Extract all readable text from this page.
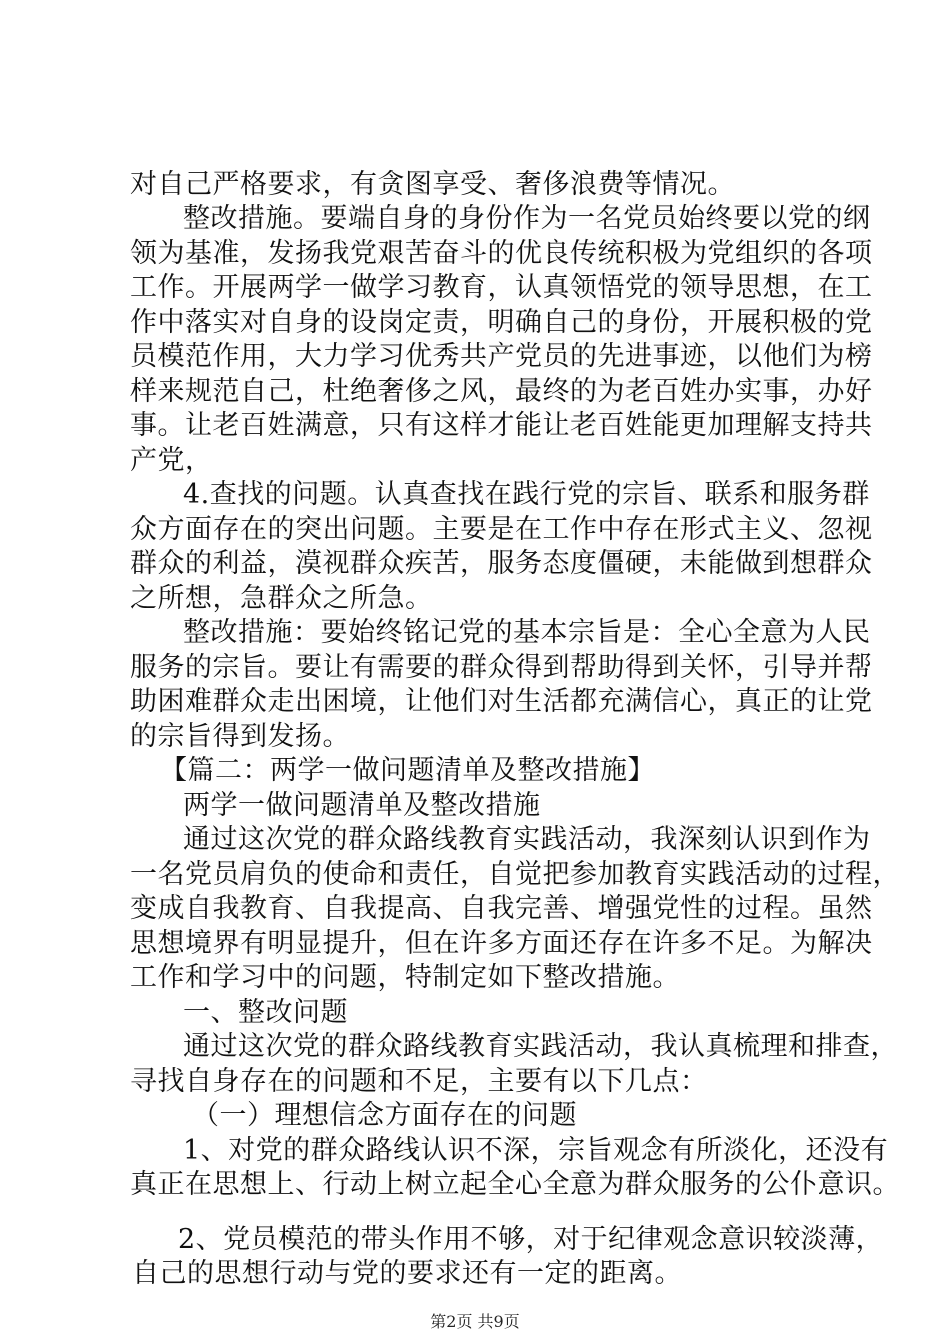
对自己严格要求，有贪图享受、奢侈浪费等情况。
整改措施。要端自身的身份作为一名党员始终要以党的纲
领为基准，发扬我党艰苦奋斗的优良传统积极为党组织的各项
工作。开展两学一做学习教育，认真领悟党的领导思想，在工
作中落实对自身的设岗定责，明确自己的身份，开展积极的党
员模范作用，大力学习优秀共产党员的先进事迹，以他们为榜
样来规范自己，杜绝奢侈之风，最终的为老百姓办实事，办好
事。让老百姓满意，只有这样才能让老百姓能更加理解支持共
产党，
4.查找的问题。认真查找在践行党的宗旨、联系和服务群
众方面存在的突出问题。主要是在工作中存在形式主义、忽视
群众的利益，漠视群众疾苦，服务态度僵硬，未能做到想群众
之所想，急群众之所急。
整改措施：要始终铭记党的基本宗旨是：全心全意为人民
服务的宗旨。要让有需要的群众得到帮助得到关怀，引导并帮
助困难群众走出困境，让他们对生活都充满信心，真正的让党
的宗旨得到发扬。
【篇二：两学一做问题清单及整改措施】
两学一做问题清单及整改措施
通过这次党的群众路线教育实践活动，我深刻认识到作为
一名党员肩负的使命和责任，自觉把参加教育实践活动的过程，
变成自我教育、自我提高、自我完善、增强党性的过程。虽然
思想境界有明显提升，但在许多方面还存在许多不足。为解决
工作和学习中的问题，特制定如下整改措施。
一、整改问题
通过这次党的群众路线教育实践活动，我认真梳理和排查，
寻找自身存在的问题和不足，主要有以下几点：
（一）理想信念方面存在的问题
1、对党的群众路线认识不深，宗旨观念有所淡化，还没有
真正在思想上、行动上树立起全心全意为群众服务的公仆意识。
2、党员模范的带头作用不够，对于纪律观念意识较淡薄，
自己的思想行动与党的要求还有一定的距离。
第2页 共9页
